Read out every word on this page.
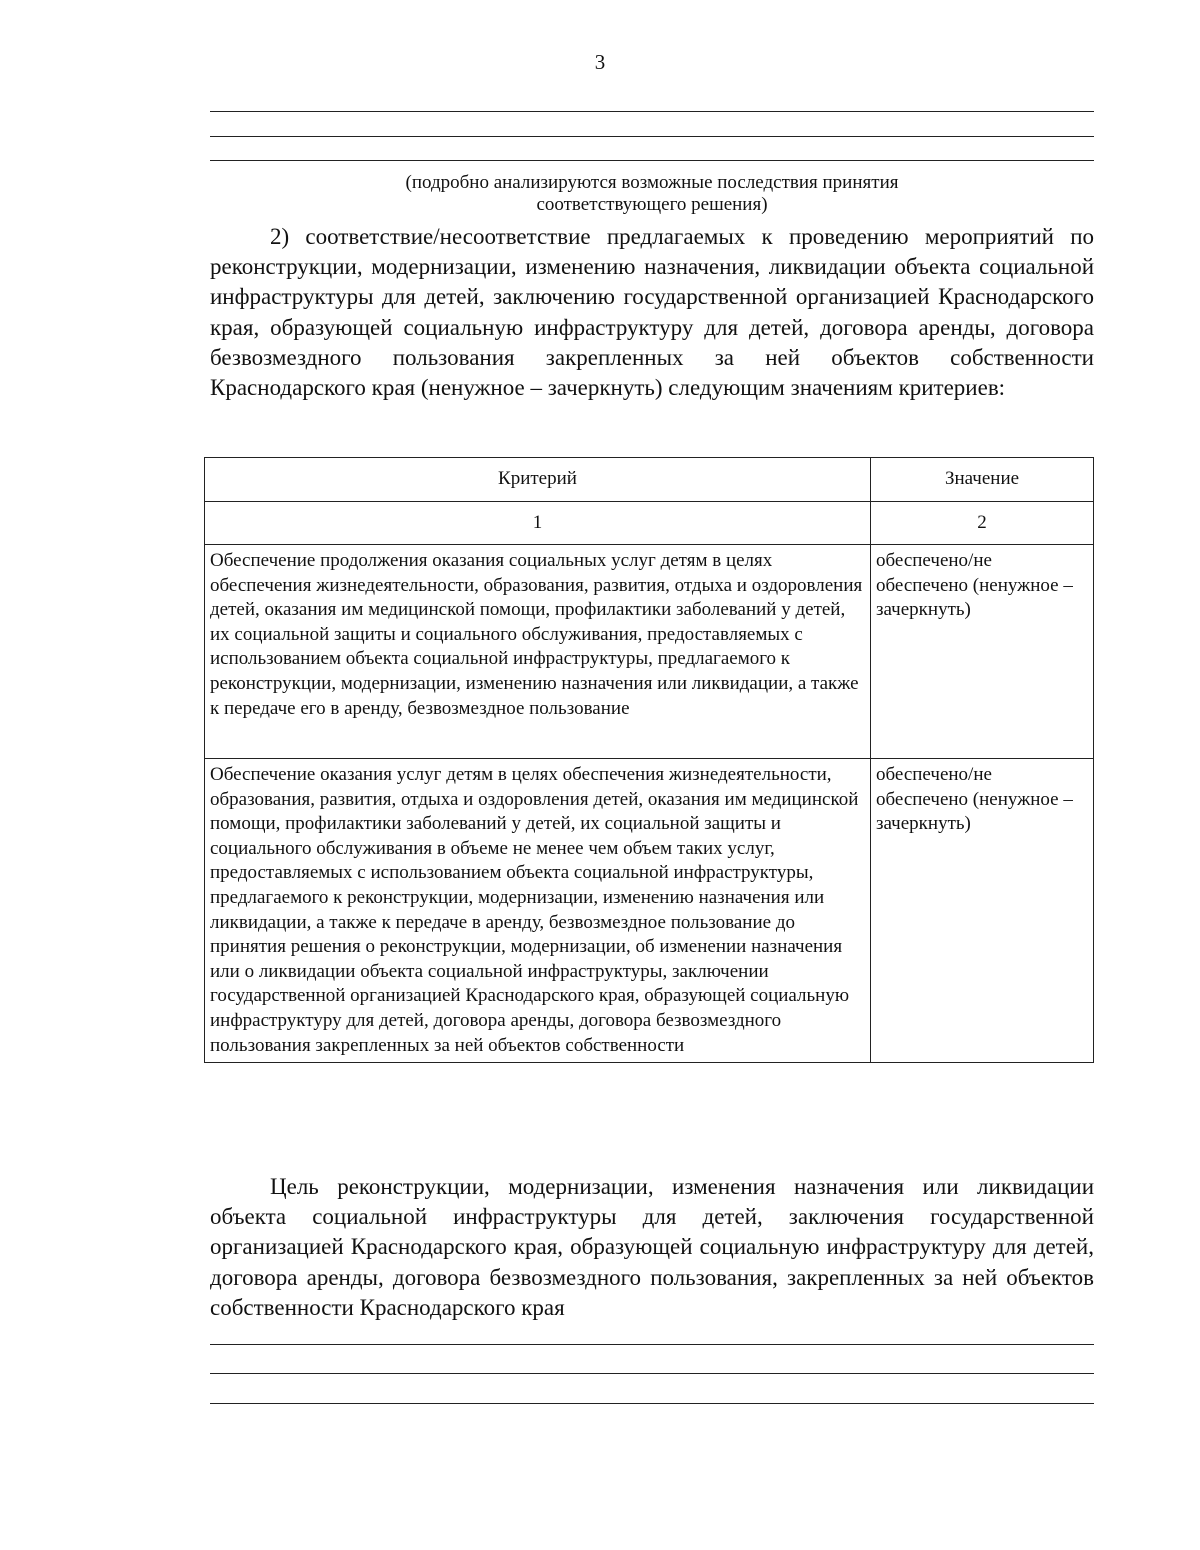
3
(подробно анализируются возможные последствия принятия
соответствующего решения)
2) соответствие/несоответствие предлагаемых к проведению мероприятий по реконструкции, модернизации, изменению назначения, ликвидации объекта социальной инфраструктуры для детей, заключению государственной организацией Краснодарского края, образующей социальную инфраструктуру для детей, договора аренды, договора безвозмездного пользования закрепленных за ней объектов собственности Краснодарского края (ненужное – зачеркнуть) следующим значениям критериев:
Критерий	Значение
1	2
Обеспечение продолжения оказания социальных услуг детям в целях обеспечения жизнедеятельности, образования, развития, отдыха и оздоровления детей, оказания им медицинской помощи, профилактики заболеваний у детей, их социальной защиты и социального обслуживания, предоставляемых с использованием объекта социальной инфраструктуры, предлагаемого к реконструкции, модернизации, изменению назначения или ликвидации, а также к передаче его в аренду, безвозмездное пользование	обеспечено/не обеспечено (ненужное – зачеркнуть)
Обеспечение оказания услуг детям в целях обеспечения жизнедеятельности, образования, развития, отдыха и оздоровления детей, оказания им медицинской помощи, профилактики заболеваний у детей, их социальной защиты и социального обслуживания в объеме не менее чем объем таких услуг, предоставляемых с использованием объекта социальной инфраструктуры, предлагаемого к реконструкции, модернизации, изменению назначения или ликвидации, а также к передаче в аренду, безвозмездное пользование до принятия решения о реконструкции, модернизации, об изменении назначения или о ликвидации объекта социальной инфраструктуры, заключении государственной организацией Краснодарского края, образующей социальную инфраструктуру для детей, договора аренды, договора безвозмездного пользования закрепленных за ней объектов собственности	обеспечено/не обеспечено (ненужное – зачеркнуть)
Цель реконструкции, модернизации, изменения назначения или ликвидации объекта социальной инфраструктуры для детей, заключения государственной организацией Краснодарского края, образующей социальную инфраструктуру для детей, договора аренды, договора безвозмездного пользования, закрепленных за ней объектов собственности Краснодарского края
